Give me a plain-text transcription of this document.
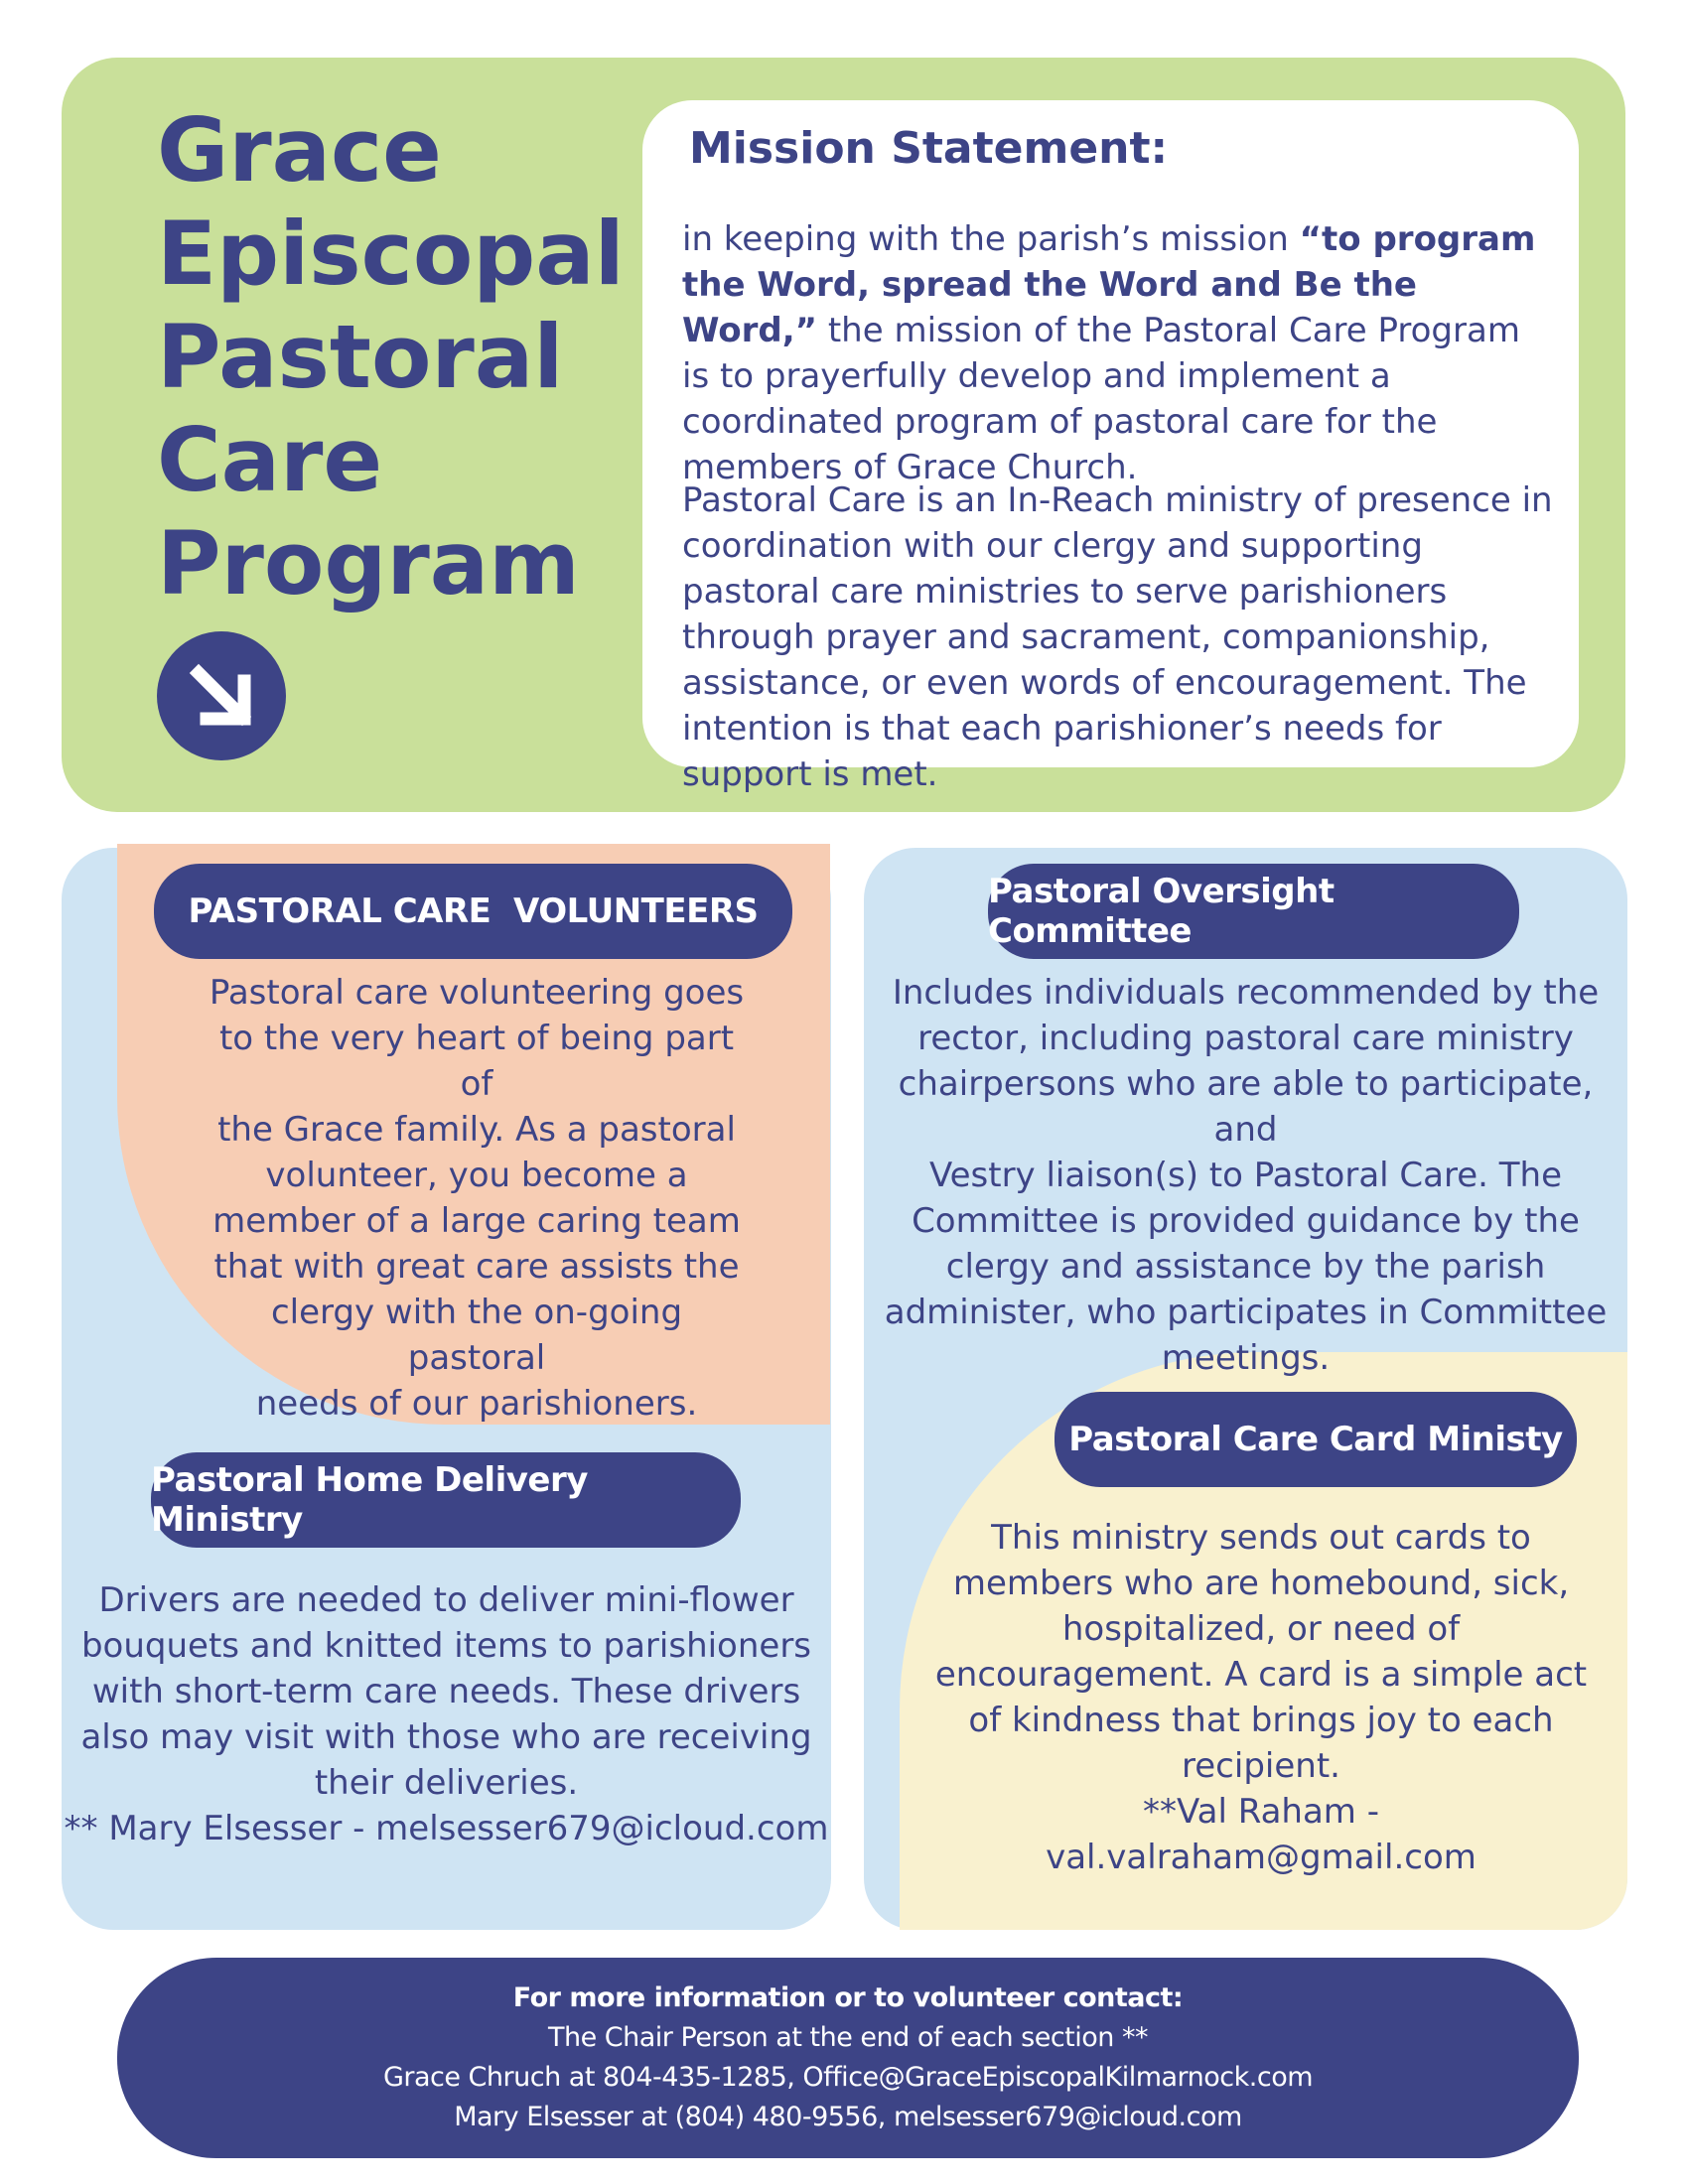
Grace
Episcopal
Pastoral
Care
Program
Mission Statement:

in keeping with the parish’s mission “to program the Word, spread the Word and Be the Word,” the mission of the Pastoral Care Program is to prayerfully develop and implement a coordinated program of pastoral care for the members of Grace Church.

Pastoral Care is an In-Reach ministry of presence in coordination with our clergy and supporting pastoral care ministries to serve parishioners through prayer and sacrament, companionship, assistance, or even words of encouragement. The intention is that each parishioner’s needs for support is met.

PASTORAL CARE  VOLUNTEERS

Pastoral care volunteering goes
to the very heart of being part of
the Grace family. As a pastoral
volunteer, you become a
member of a large caring team
that with great care assists the
clergy with the on-going pastoral
needs of our parishioners.

Pastoral Home Delivery Ministry

Drivers are needed to deliver mini-flower
bouquets and knitted items to parishioners
with short-term care needs. These drivers
also may visit with those who are receiving
their deliveries.
** Mary Elsesser - melsesser679@icloud.com

Pastoral Oversight Committee

Includes individuals recommended by the
rector, including pastoral care ministry
chairpersons who are able to participate, and
Vestry liaison(s) to Pastoral Care. The
Committee is provided guidance by the
clergy and assistance by the parish
administer, who participates in Committee
meetings.

Pastoral Care Card Ministy

This ministry sends out cards to
members who are homebound, sick,
hospitalized, or need of
encouragement. A card is a simple act
of kindness that brings joy to each
recipient.
**Val Raham - val.valraham@gmail.com

For more information or to volunteer contact:

The Chair Person at the end of each section **

Grace Chruch at 804-435-1285, Office@GraceEpiscopalKilmarnock.com

Mary Elsesser at (804) 480-9556, melsesser679@icloud.com
